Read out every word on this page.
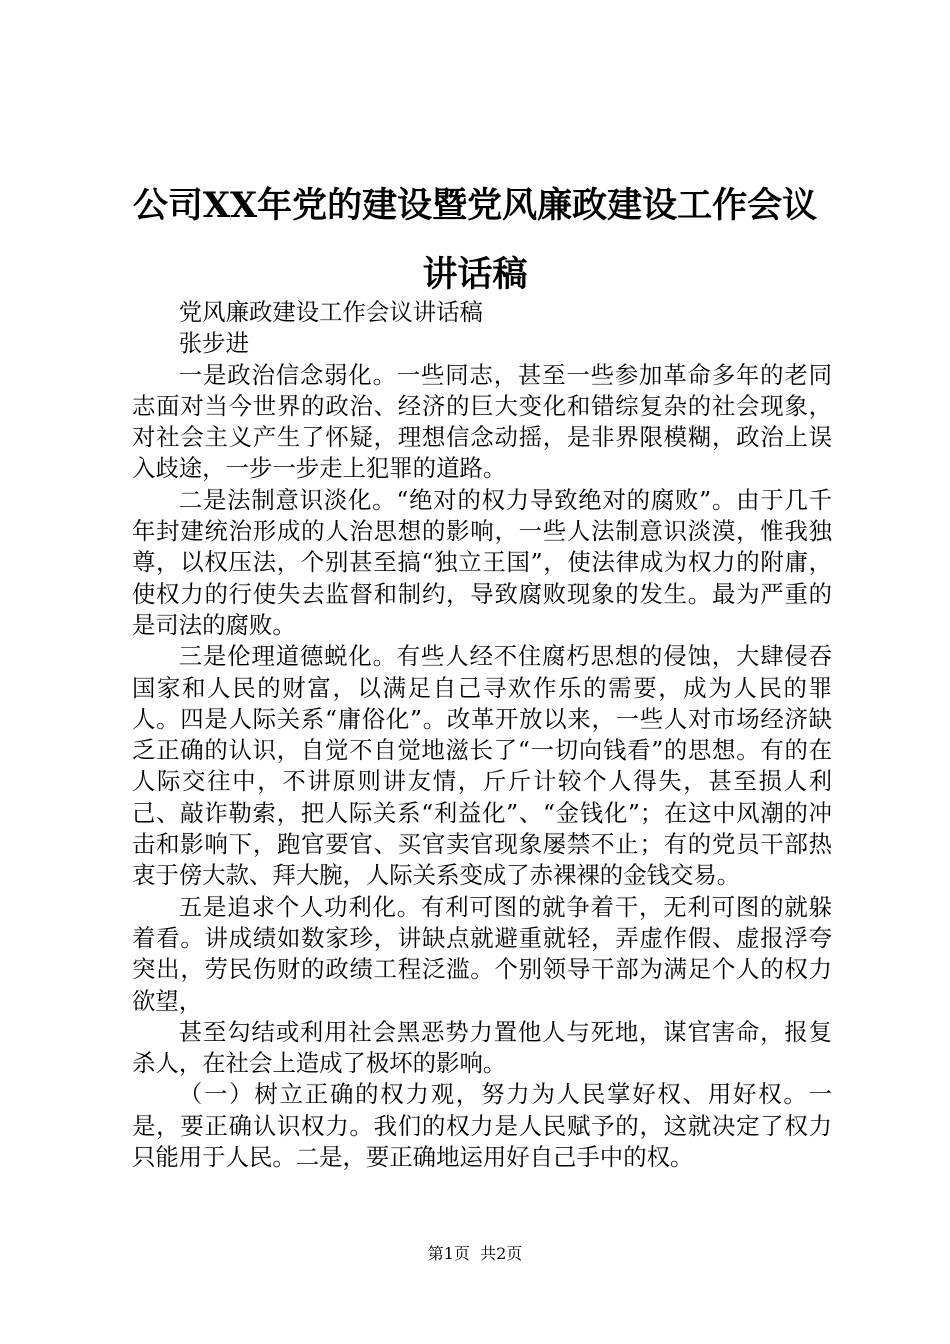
公司XX年党的建设暨党风廉政建设工作会议
讲话稿

党风廉政建设工作会议讲话稿

张步进

一是政治信念弱化。一些同志，甚至一些参加革命多年的老同志面对当今世界的政治、经济的巨大变化和错综复杂的社会现象，对社会主义产生了怀疑，理想信念动摇，是非界限模糊，政治上误入歧途，一步一步走上犯罪的道路。

二是法制意识淡化。“绝对的权力导致绝对的腐败”。由于几千年封建统治形成的人治思想的影响，一些人法制意识淡漠，惟我独尊，以权压法，个别甚至搞“独立王国”，使法律成为权力的附庸，使权力的行使失去监督和制约，导致腐败现象的发生。最为严重的是司法的腐败。

三是伦理道德蜕化。有些人经不住腐朽思想的侵蚀，大肆侵吞国家和人民的财富，以满足自己寻欢作乐的需要，成为人民的罪人。四是人际关系“庸俗化”。改革开放以来，一些人对市场经济缺乏正确的认识，自觉不自觉地滋长了“一切向钱看”的思想。有的在人际交往中，不讲原则讲友情，斤斤计较个人得失，甚至损人利己、敲诈勒索，把人际关系“利益化”、“金钱化”；在这中风潮的冲击和影响下，跑官要官、买官卖官现象屡禁不止；有的党员干部热衷于傍大款、拜大腕，人际关系变成了赤裸裸的金钱交易。

五是追求个人功利化。有利可图的就争着干，无利可图的就躲着看。讲成绩如数家珍，讲缺点就避重就轻，弄虚作假、虚报浮夸突出，劳民伤财的政绩工程泛滥。个别领导干部为满足个人的权力欲望，

甚至勾结或利用社会黑恶势力置他人与死地，谋官害命，报复杀人，在社会上造成了极坏的影响。

（一）树立正确的权力观，努力为人民掌好权、用好权。一是，要正确认识权力。我们的权力是人民赋予的，这就决定了权力只能用于人民。二是，要正确地运用好自己手中的权。

第1页  共2页
